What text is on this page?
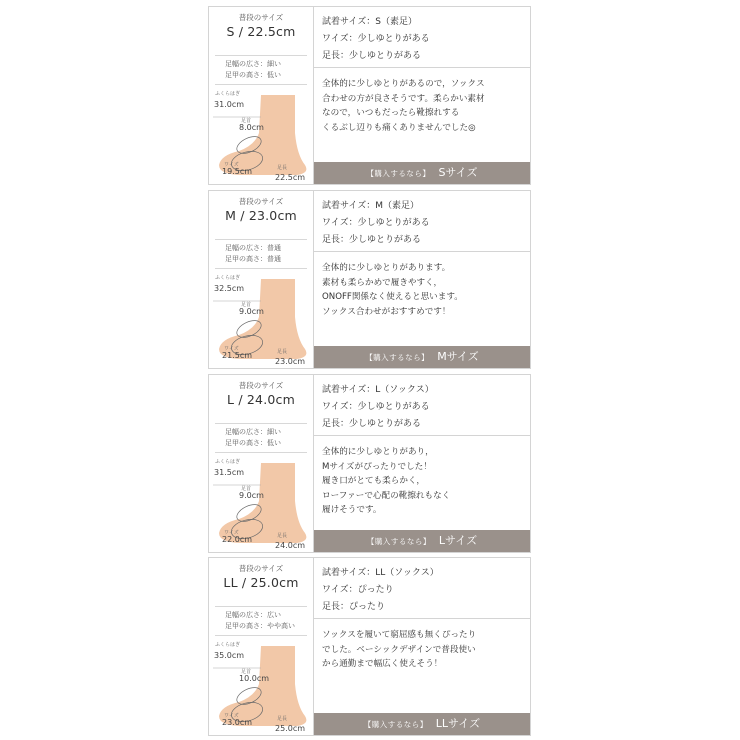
普段のサイズ
S / 22.5cm
足幅の広さ：細い
足甲の高さ：低い
ふくらはぎ
31.0cm
足首
8.0cm
ワイズ
19.5cm	足長
22.5cm
試着サイズ：S（素足）
ワイズ：少しゆとりがある
足長：少しゆとりがある
全体的に少しゆとりがあるので，ソックス
合わせの方が良さそうです。柔らかい素材
なので，いつもだったら靴擦れする
くるぶし辺りも痛くありませんでした◎
【購入するなら】 Sサイズ
普段のサイズ
M / 23.0cm
足幅の広さ：普通
足甲の高さ：普通
ふくらはぎ
32.5cm
足首
9.0cm
ワイズ
21.5cm	足長
23.0cm
試着サイズ：M（素足）
ワイズ：少しゆとりがある
足長：少しゆとりがある
全体的に少しゆとりがあります。
素材も柔らかめで履きやすく，
ONOFF関係なく使えると思います。
ソックス合わせがおすすめです！
【購入するなら】 Mサイズ
普段のサイズ
L / 24.0cm
足幅の広さ：細い
足甲の高さ：低い
ふくらはぎ
31.5cm
足首
9.0cm
ワイズ
22.0cm	足長
24.0cm
試着サイズ：L（ソックス）
ワイズ：少しゆとりがある
足長：少しゆとりがある
全体的に少しゆとりがあり，
Mサイズがぴったりでした！
履き口がとても柔らかく，
ローファーで心配の靴擦れもなく
履けそうです。
【購入するなら】 Lサイズ
普段のサイズ
LL / 25.0cm
足幅の広さ：広い
足甲の高さ：やや高い
ふくらはぎ
35.0cm
足首
10.0cm
ワイズ
23.0cm	足長
25.0cm
試着サイズ：LL（ソックス）
ワイズ：ぴったり
足長：ぴったり
ソックスを履いて窮屈感も無くぴったり
でした。ベーシックデザインで普段使い
から通勤まで幅広く使えそう！
【購入するなら】 LLサイズ
